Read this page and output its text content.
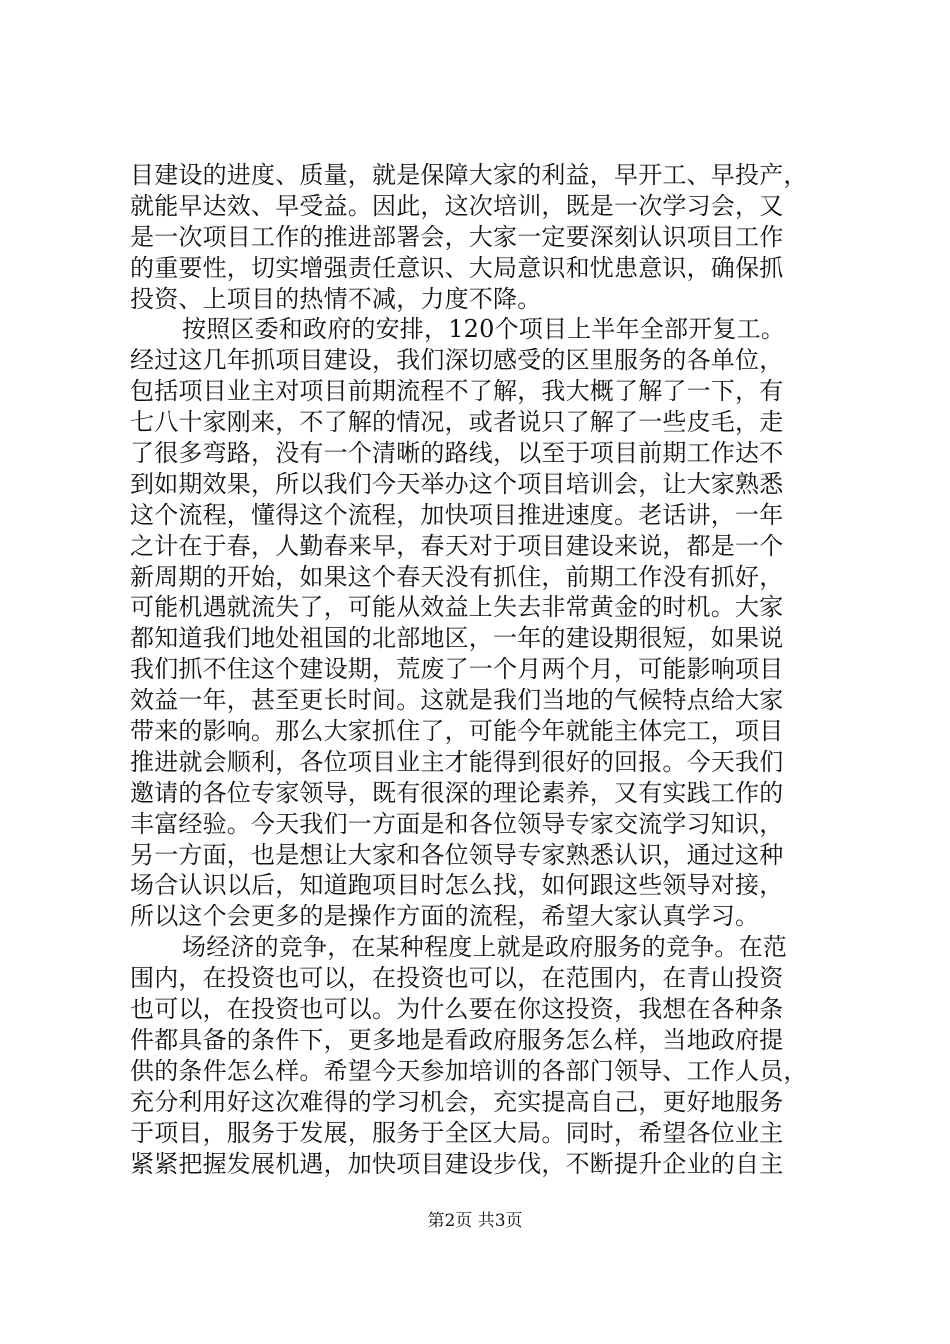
目建设的进度、质量，就是保障大家的利益，早开工、早投产，
就能早达效、早受益。因此，这次培训，既是一次学习会，又
是一次项目工作的推进部署会，大家一定要深刻认识项目工作
的重要性，切实增强责任意识、大局意识和忧患意识，确保抓
投资、上项目的热情不减，力度不降。
按照区委和政府的安排，120个项目上半年全部开复工。
经过这几年抓项目建设，我们深切感受的区里服务的各单位，
包括项目业主对项目前期流程不了解，我大概了解了一下，有
七八十家刚来，不了解的情况，或者说只了解了一些皮毛，走
了很多弯路，没有一个清晰的路线，以至于项目前期工作达不
到如期效果，所以我们今天举办这个项目培训会，让大家熟悉
这个流程，懂得这个流程，加快项目推进速度。老话讲，一年
之计在于春，人勤春来早，春天对于项目建设来说，都是一个
新周期的开始，如果这个春天没有抓住，前期工作没有抓好，
可能机遇就流失了，可能从效益上失去非常黄金的时机。大家
都知道我们地处祖国的北部地区，一年的建设期很短，如果说
我们抓不住这个建设期，荒废了一个月两个月，可能影响项目
效益一年，甚至更长时间。这就是我们当地的气候特点给大家
带来的影响。那么大家抓住了，可能今年就能主体完工，项目
推进就会顺利，各位项目业主才能得到很好的回报。今天我们
邀请的各位专家领导，既有很深的理论素养，又有实践工作的
丰富经验。今天我们一方面是和各位领导专家交流学习知识，
另一方面，也是想让大家和各位领导专家熟悉认识，通过这种
场合认识以后，知道跑项目时怎么找，如何跟这些领导对接，
所以这个会更多的是操作方面的流程，希望大家认真学习。
场经济的竞争，在某种程度上就是政府服务的竞争。在范
围内，在投资也可以，在投资也可以，在范围内，在青山投资
也可以，在投资也可以。为什么要在你这投资，我想在各种条
件都具备的条件下，更多地是看政府服务怎么样，当地政府提
供的条件怎么样。希望今天参加培训的各部门领导、工作人员，
充分利用好这次难得的学习机会，充实提高自己，更好地服务
于项目，服务于发展，服务于全区大局。同时，希望各位业主
紧紧把握发展机遇，加快项目建设步伐，不断提升企业的自主
第2页 共3页
